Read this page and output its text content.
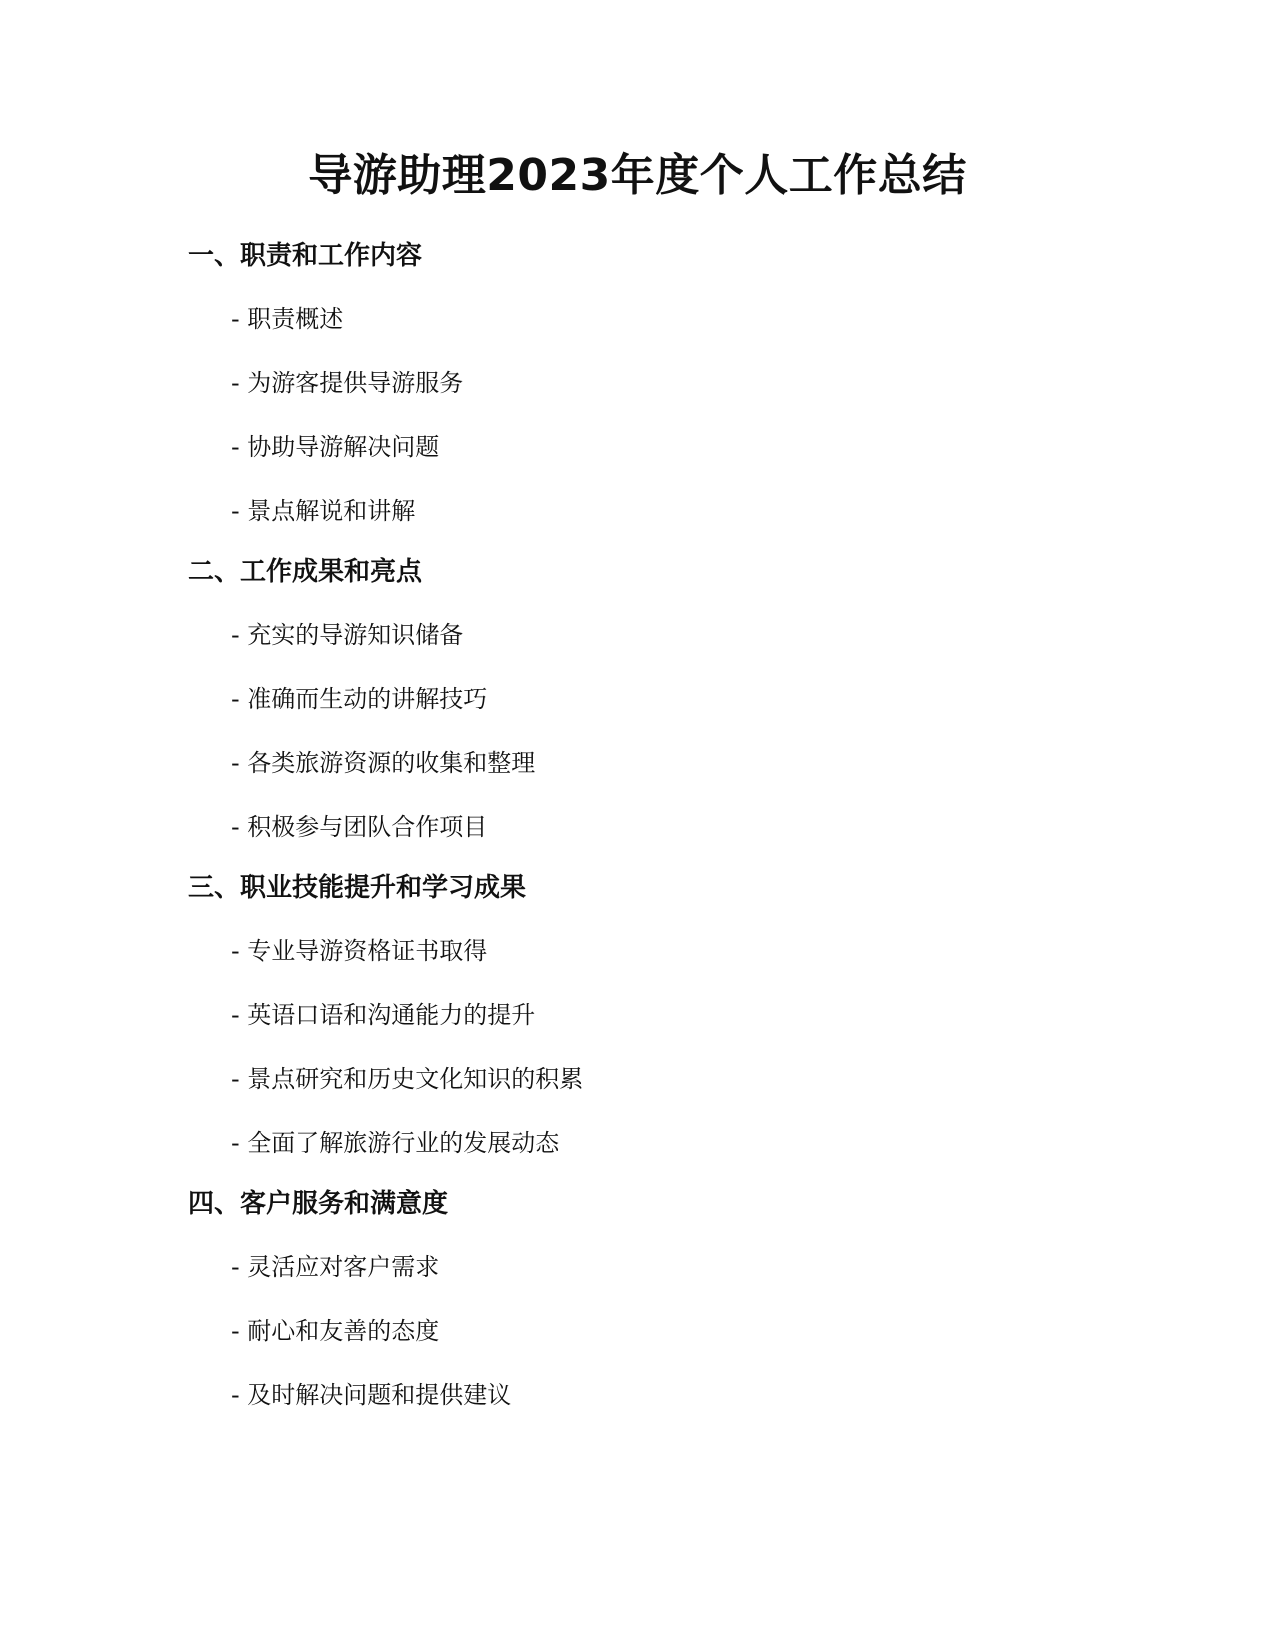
导游助理2023年度个人工作总结
一、职责和工作内容
- 职责概述
- 为游客提供导游服务
- 协助导游解决问题
- 景点解说和讲解
二、工作成果和亮点
- 充实的导游知识储备
- 准确而生动的讲解技巧
- 各类旅游资源的收集和整理
- 积极参与团队合作项目
三、职业技能提升和学习成果
- 专业导游资格证书取得
- 英语口语和沟通能力的提升
- 景点研究和历史文化知识的积累
- 全面了解旅游行业的发展动态
四、客户服务和满意度
- 灵活应对客户需求
- 耐心和友善的态度
- 及时解决问题和提供建议
